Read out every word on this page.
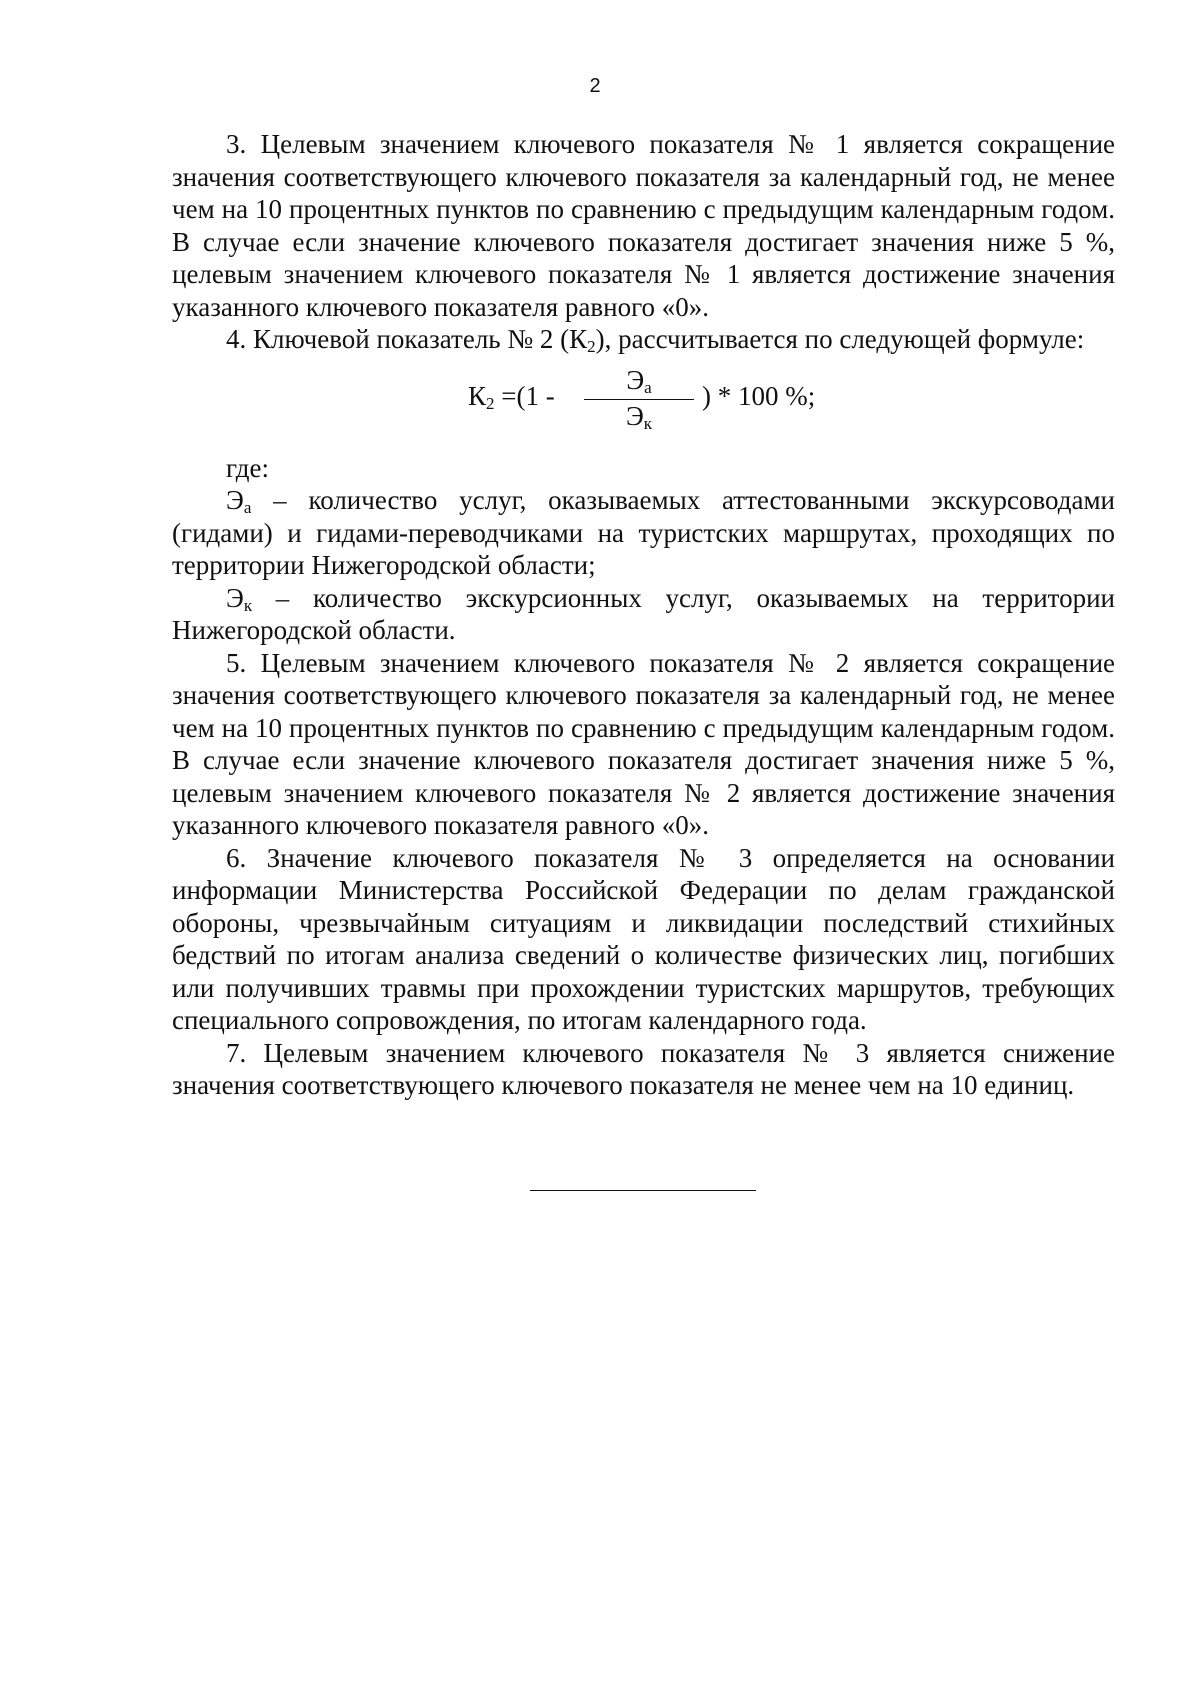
2

3. Целевым значением ключевого показателя № 1 является сокращение значения соответствующего ключевого показателя за календарный год, не менее чем на 10 процентных пунктов по сравнению с предыдущим календарным годом. В случае если значение ключевого показателя достигает значения ниже 5 %, целевым значением ключевого показателя № 1 является достижение значения указанного ключевого показателя равного «0».

4. Ключевой показатель № 2 $(К_2)$, рассчитывается по следующей формуле:

$К_2 =(1$ -
$Э_а$
$Э_к$
) * 100 %;

где:

$Э_а$ – количество услуг, оказываемых аттестованными экскурсоводами (гидами) и гидами-переводчиками на туристских маршрутах, проходящих по территории Нижегородской области;

$Э_к$ – количество экскурсионных услуг, оказываемых на территории Нижегородской области.

5. Целевым значением ключевого показателя № 2 является сокращение значения соответствующего ключевого показателя за календарный год, не менее чем на 10 процентных пунктов по сравнению с предыдущим календарным годом. В случае если значение ключевого показателя достигает значения ниже 5 %, целевым значением ключевого показателя № 2 является достижение значения указанного ключевого показателя равного «0».

6. Значение ключевого показателя № 3 определяется на основании информации Министерства Российской Федерации по делам гражданской обороны, чрезвычайным ситуациям и ликвидации последствий стихийных бедствий по итогам анализа сведений о количестве физических лиц, погибших или получивших травмы при прохождении туристских маршрутов, требующих специального сопровождения, по итогам календарного года.

7. Целевым значением ключевого показателя № 3 является снижение значения соответствующего ключевого показателя не менее чем на 10 единиц.
